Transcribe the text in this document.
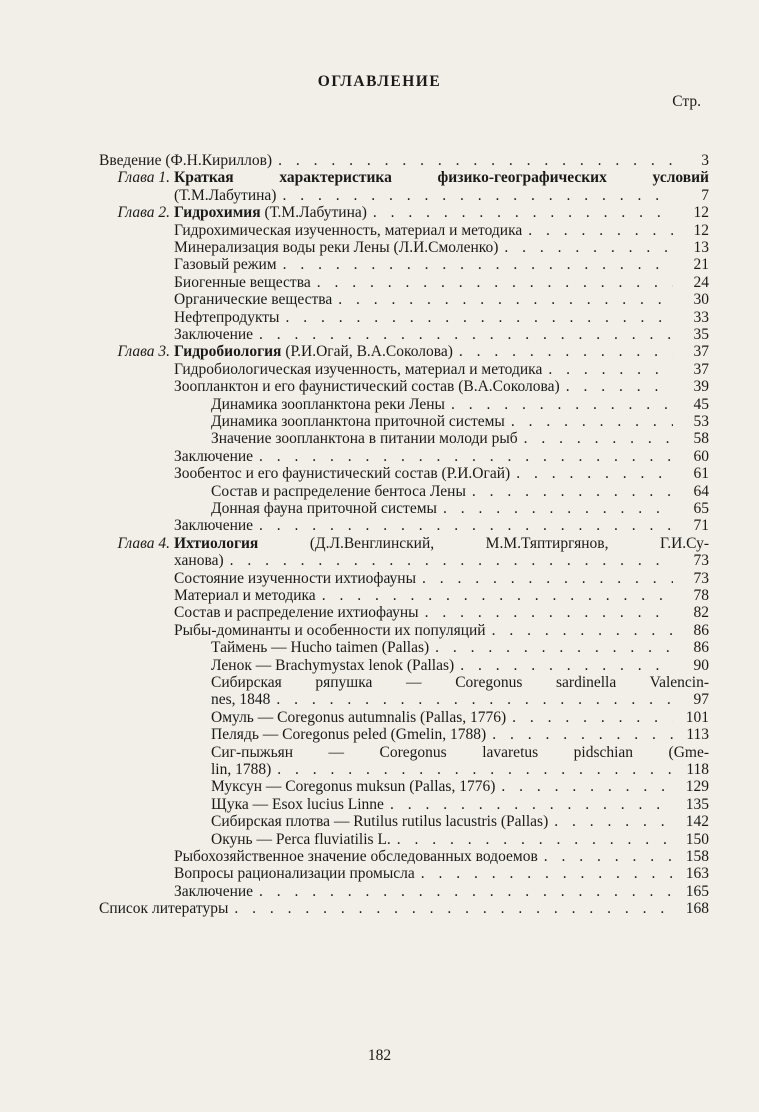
ОГЛАВЛЕНИЕ
Стр.
Введение (Ф.Н.Кириллов) . . .	3
Глава 1. Краткая характеристика физико-географических условий
(Т.М.Лабутина) . . .	7
Глава 2. Гидрохимия (Т.М.Лабутина) . . .	12
Гидрохимическая изученность, материал и методика . . .	12
Минерализация воды реки Лены (Л.И.Смоленко) . . .	13
Газовый режим . . .	21
Биогенные вещества . . .	24
Органические вещества . . .	30
Нефтепродукты . . .	33
Заключение . . .	35
Глава 3. Гидробиология (Р.И.Огай, В.А.Соколова) . . .	37
Гидробиологическая изученность, материал и методика . . .	37
Зоопланктон и его фаунистический состав (В.А.Соколова) . . .	39
Динамика зоопланктона реки Лены . . .	45
Динамика зоопланктона приточной системы . . .	53
Значение зоопланктона в питании молоди рыб . . .	58
Заключение . . .	60
Зообентос и его фаунистический состав (Р.И.Огай) . . .	61
Состав и распределение бентоса Лены . . .	64
Донная фауна приточной системы . . .	65
Заключение . . .	71
Глава 4. Ихтиология (Д.Л.Венглинский, М.М.Тяптиргянов, Г.И.Су-
ханова) . . .	73
Состояние изученности ихтиофауны . . .	73
Материал и методика . . .	78
Состав и распределение ихтиофауны . . .	82
Рыбы-доминанты и особенности их популяций . . .	86
Таймень — Hucho taimen (Pallas) . . .	86
Ленок — Brachymystax lenok (Pallas) . . .	90
Сибирская ряпушка — Coregonus sardinella Valencin-
nes, 1848 . . .	97
Омуль — Coregonus autumnalis (Pallas, 1776) . . .	101
Пелядь — Coregonus peled (Gmelin, 1788) . . .	113
Сиг-пыжьян — Coregonus lavaretus pidschian (Gme-
lin, 1788) . . .	118
Муксун — Coregonus muksun (Pallas, 1776) . . .	129
Щука — Esox lucius Linne . . .	135
Сибирская плотва — Rutilus rutilus lacustris (Pallas) . . .	142
Окунь — Perca fluviatilis L. . . .	150
Рыбохозяйственное значение обследованных водоемов . . .	158
Вопросы рационализации промысла . . .	163
Заключение . . .	165
Список литературы . . .	168
182
